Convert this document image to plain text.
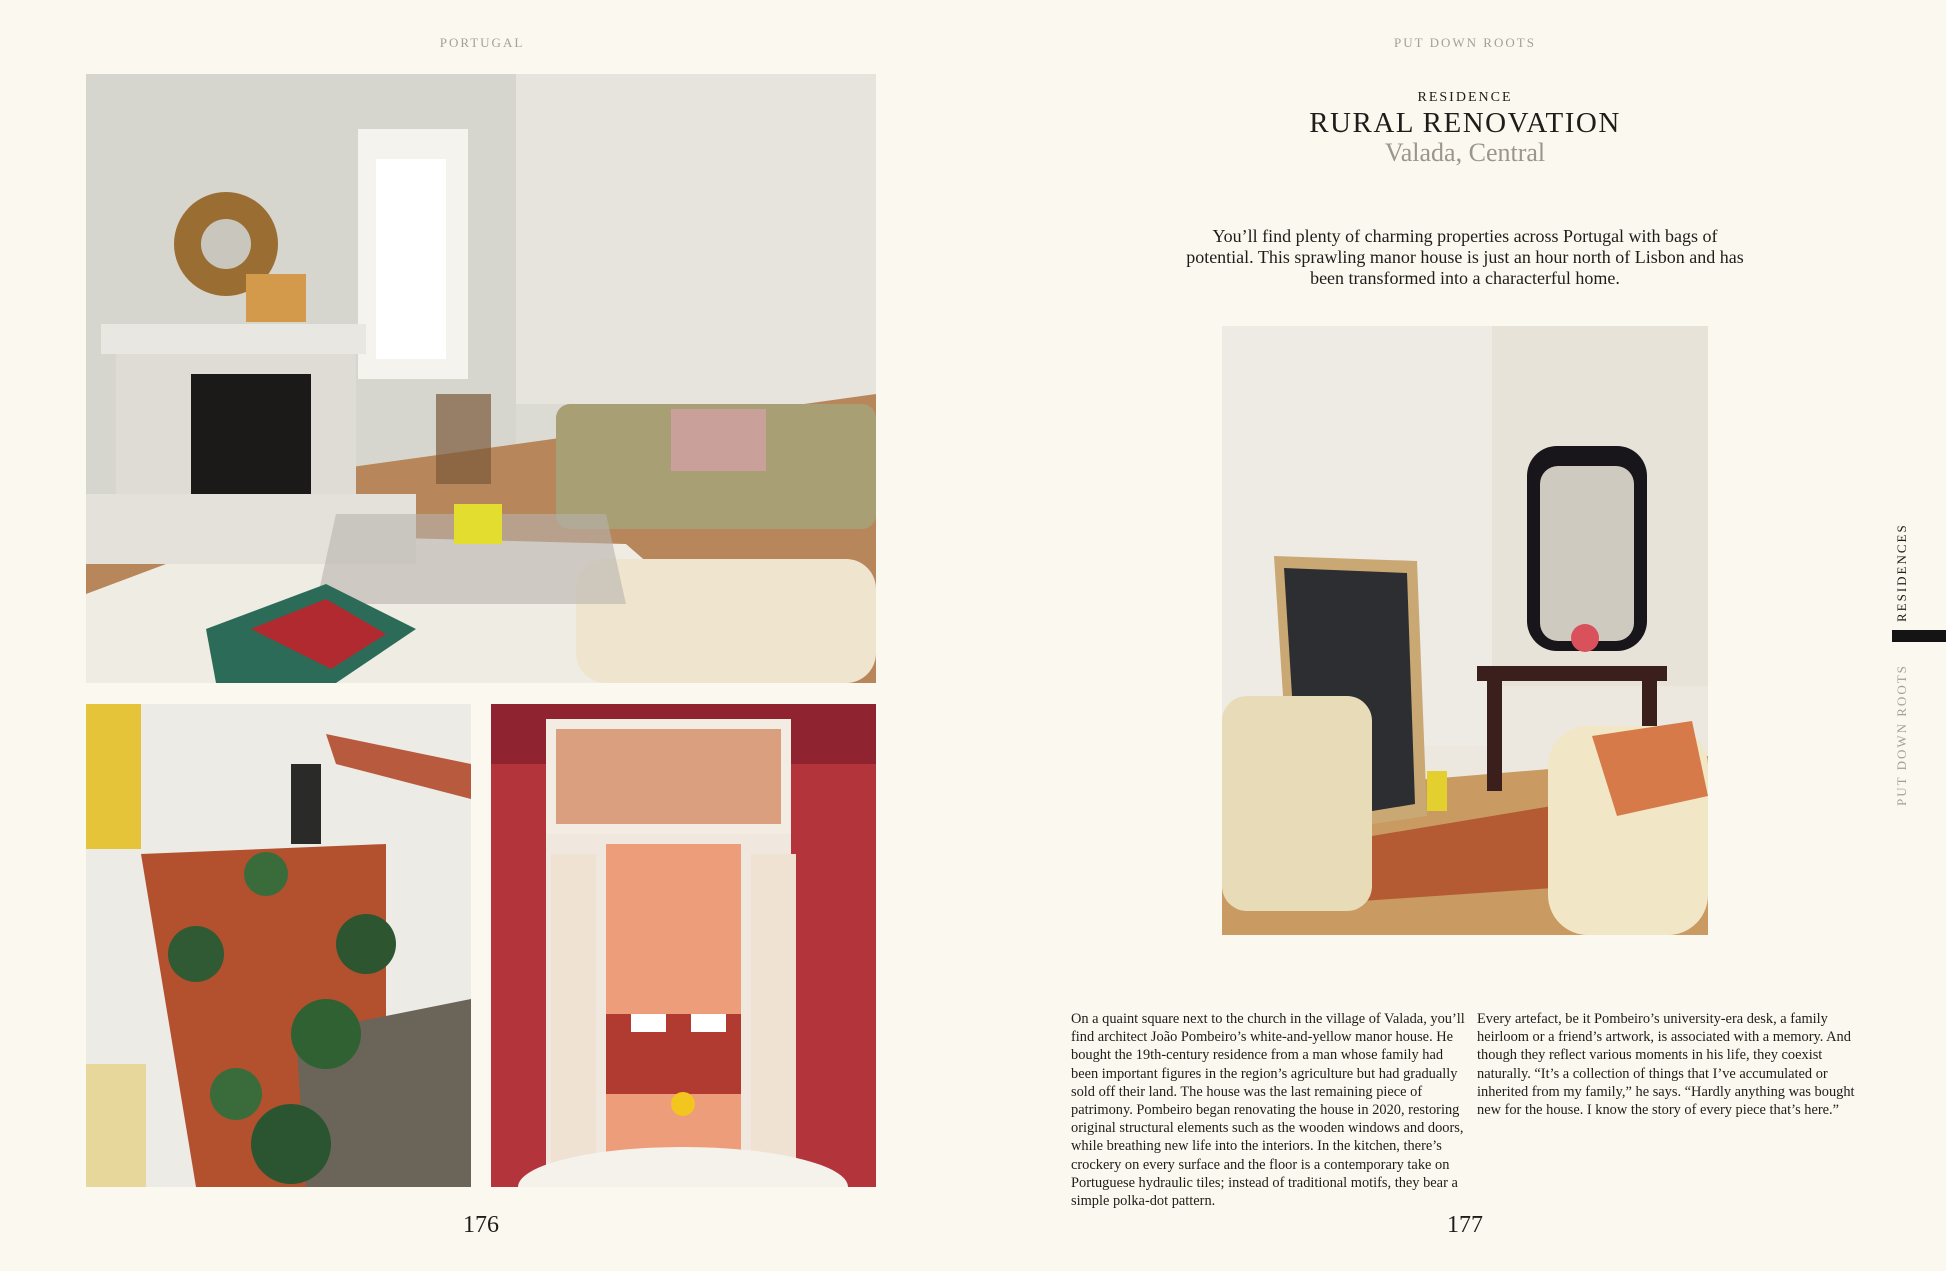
PORTUGAL
176
PUT DOWN ROOTS
RESIDENCE
RURAL RENOVATION
Valada, Central
You’ll find plenty of charming properties across Portugal with bags of potential. This sprawling manor house is just an hour north of Lisbon and has been transformed into a characterful home.

On a quaint square next to the church in the village of Valada, you’ll find architect João Pombeiro’s white-and-yellow manor house. He bought the 19th-century residence from a man whose family had been important figures in the region’s agriculture but had gradually sold off their land. The house was the last remaining piece of patrimony. Pombeiro began renovating the house in 2020, restoring original structural elements such as the wooden windows and doors, while breathing new life into the interiors. In the kitchen, there’s crockery on every surface and the floor is a contemporary take on Portuguese hydraulic tiles; instead of traditional motifs, they bear a simple polka-dot pattern.

Every artefact, be it Pombeiro’s university-era desk, a family heirloom or a friend’s artwork, is associated with a memory. And though they reflect various moments in his life, they coexist naturally. “It’s a collection of things that I’ve accumulated or inherited from my family,” he says. “Hardly anything was bought new for the house. I know the story of every piece that’s here.”

177
RESIDENCES
PUT DOWN ROOTS
